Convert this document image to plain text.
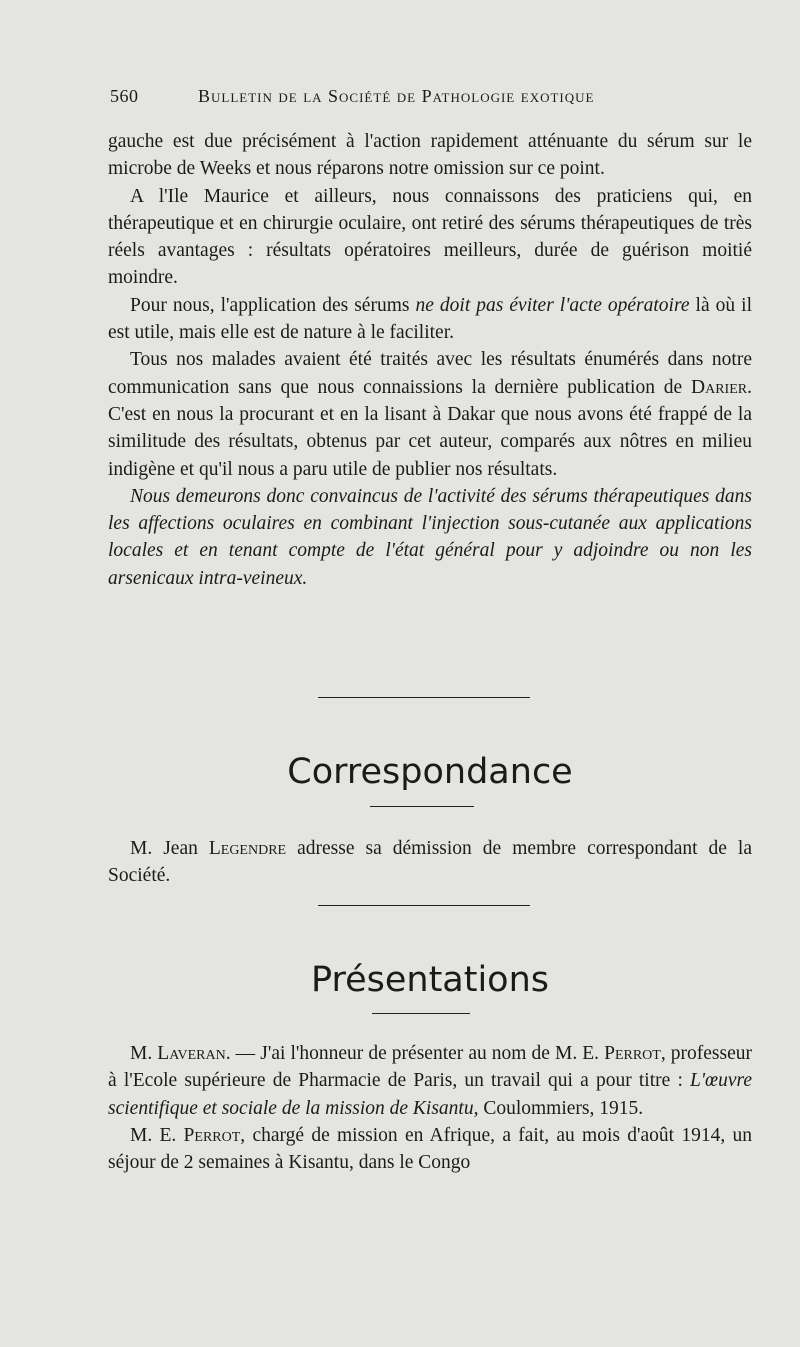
560	Bulletin de la Société de Pathologie exotique

gauche est due précisément à l'action rapidement atténuante du sérum sur le microbe de Weeks et nous réparons notre omission sur ce point.

A l'Ile Maurice et ailleurs, nous connaissons des praticiens qui, en thérapeutique et en chirurgie oculaire, ont retiré des sérums thérapeutiques de très réels avantages : résultats opératoires meilleurs, durée de guérison moitié moindre.

Pour nous, l'application des sérums ne doit pas éviter l'acte opératoire là où il est utile, mais elle est de nature à le faciliter.

Tous nos malades avaient été traités avec les résultats énumérés dans notre communication sans que nous connaissions la dernière publication de Darier. C'est en nous la procurant et en la lisant à Dakar que nous avons été frappé de la similitude des résultats, obtenus par cet auteur, comparés aux nôtres en milieu indigène et qu'il nous a paru utile de publier nos résultats.

Nous demeurons donc convaincus de l'activité des sérums thérapeutiques dans les affections oculaires en combinant l'injection sous-cutanée aux applications locales et en tenant compte de l'état général pour y adjoindre ou non les arsenicaux intra-veineux.

Correspondance

M. Jean Legendre adresse sa démission de membre correspondant de la Société.

Présentations

M. Laveran. — J'ai l'honneur de présenter au nom de M. E. Perrot, professeur à l'Ecole supérieure de Pharmacie de Paris, un travail qui a pour titre : L'œuvre scientifique et sociale de la mission de Kisantu, Coulommiers, 1915.

M. E. Perrot, chargé de mission en Afrique, a fait, au mois d'août 1914, un séjour de 2 semaines à Kisantu, dans le Congo
